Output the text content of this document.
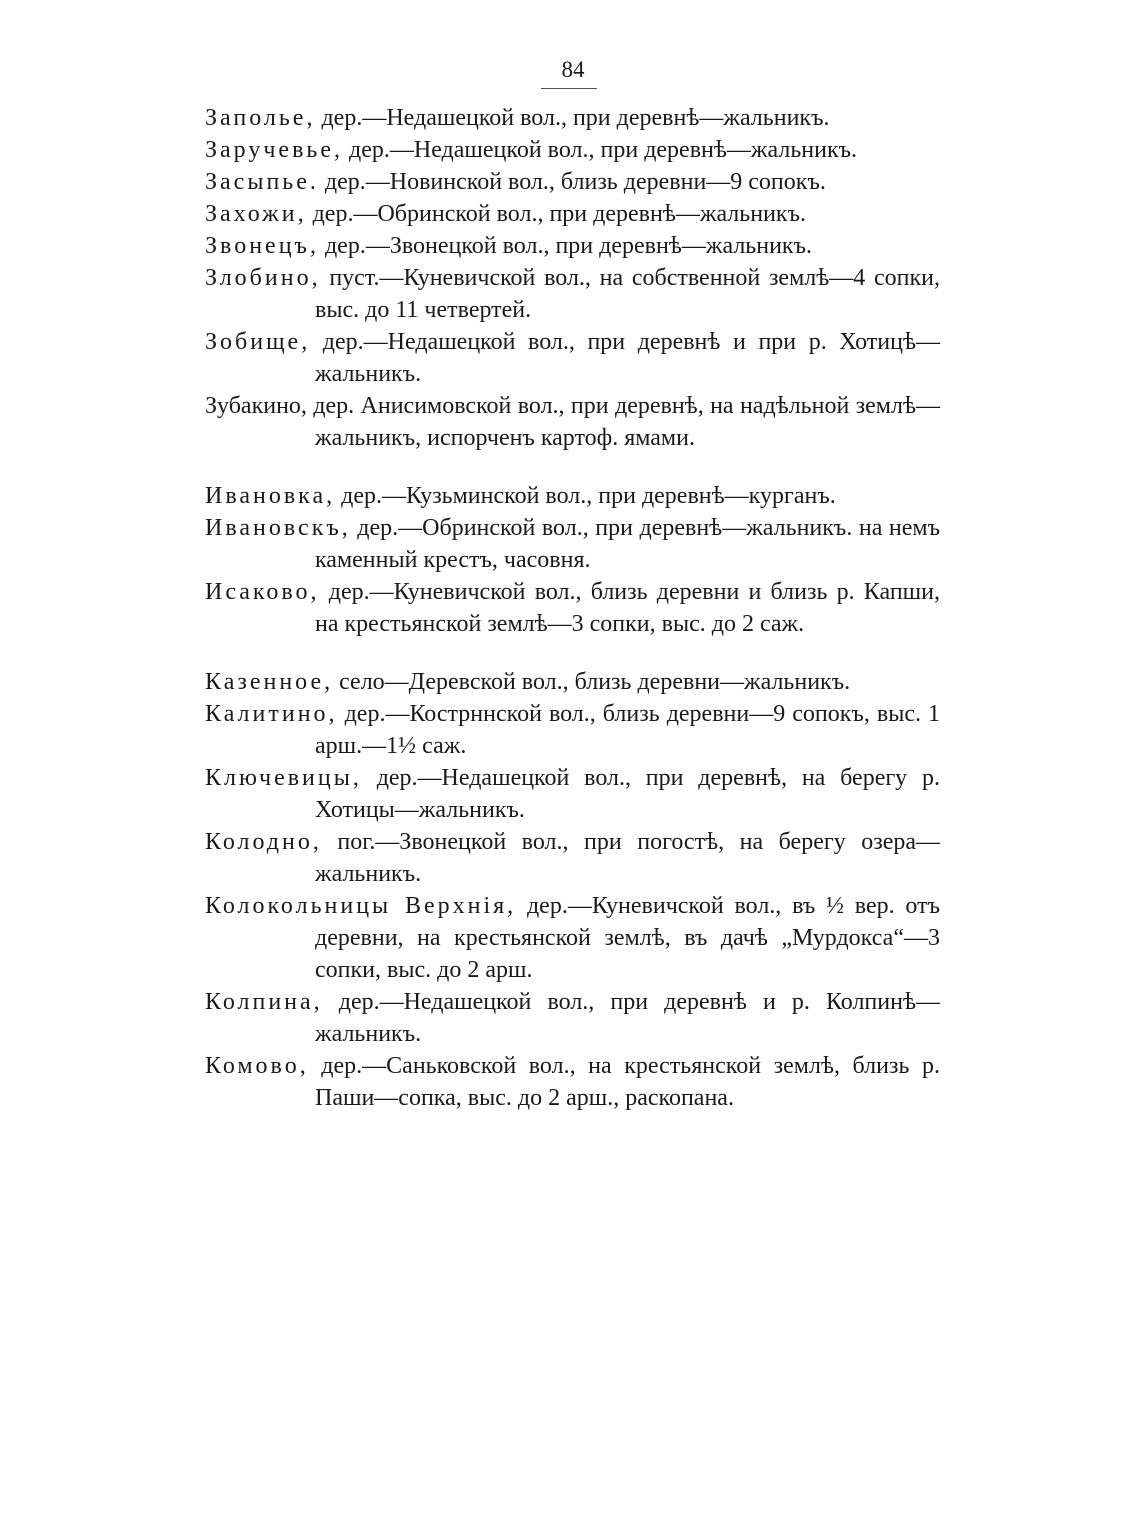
84

Заполье, дер.—Недашецкой вол., при деревнѣ—жальникъ.

Заручевье, дер.—Недашецкой вол., при деревнѣ—жальникъ.

Засыпье. дер.—Новинской вол., близь деревни—9 сопокъ.

Захожи, дер.—Обринской вол., при деревнѣ—жальникъ.

Звонецъ, дер.—Звонецкой вол., при деревнѣ—жальникъ.

Злобино, пуст.—Куневичской вол., на собственной землѣ—4 сопки, выс. до 11 четвертей.

Зобище, дер.—Недашецкой вол., при деревнѣ и при р. Хотицѣ—жальникъ.

Зубакино, дер. Анисимовской вол., при деревнѣ, на надѣльной землѣ—жальникъ, испорченъ картоф. ямами.

Ивановка, дер.—Кузьминской вол., при деревнѣ—курганъ.

Ивановскъ, дер.—Обринской вол., при деревнѣ—жальникъ. на немъ каменный крестъ, часовня.

Исаково, дер.—Куневичской вол., близь деревни и близь р. Капши, на крестьянской землѣ—3 сопки, выс. до 2 саж.

Казенное, село—Деревской вол., близь деревни—жальникъ.

Калитино, дер.—Кострннской вол., близь деревни—9 сопокъ, выс. 1 арш.—1½ саж.

Ключевицы, дер.—Недашецкой вол., при деревнѣ, на берегу р. Хотицы—жальникъ.

Колодно, пог.—Звонецкой вол., при погостѣ, на берегу озера—жальникъ.

Колокольницы Верхнія, дер.—Куневичской вол., въ ½ вер. отъ деревни, на крестьянской землѣ, въ дачѣ „Мурдокса“—3 сопки, выс. до 2 арш.

Колпина, дер.—Недашецкой вол., при деревнѣ и р. Колпинѣ—жальникъ.

Комово, дер.—Саньковской вол., на крестьянской землѣ, близь р. Паши—сопка, выс. до 2 арш., раскопана.
